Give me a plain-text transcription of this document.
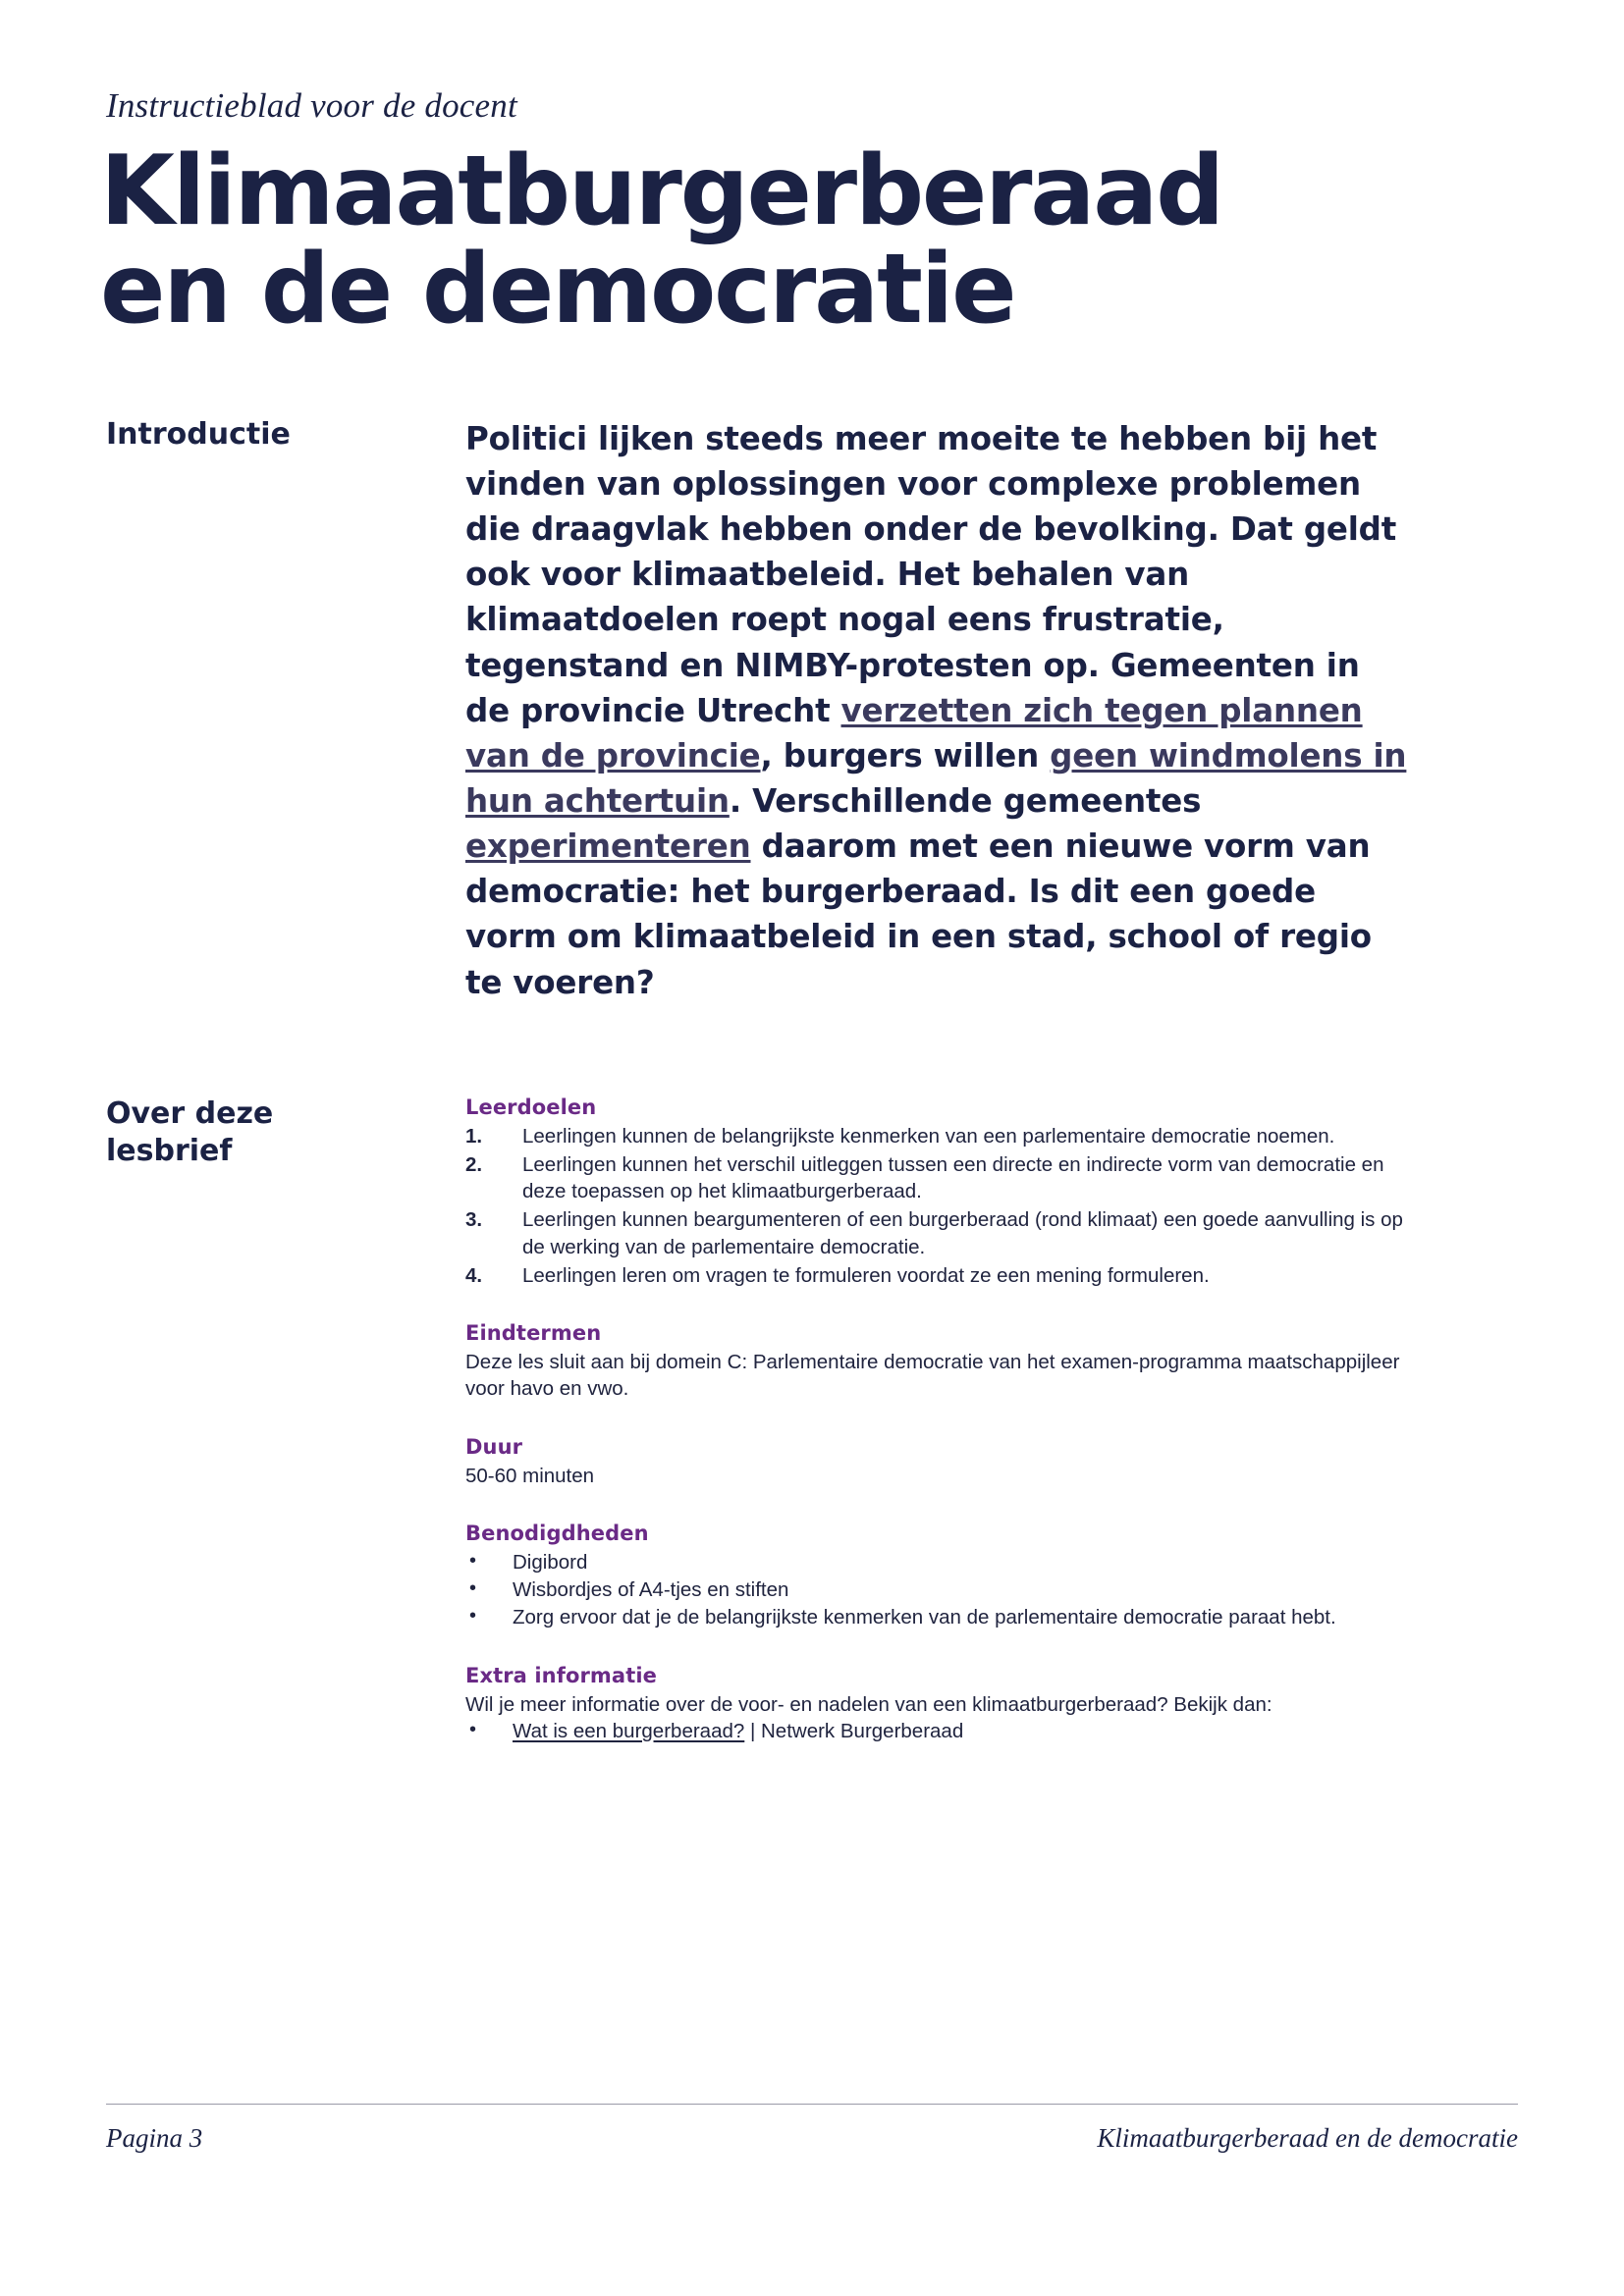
Instructieblad voor de docent

Klimaatburgerberaad
en de democratie
Introductie	Politici lijken steeds meer moeite te hebben bij het vinden van oplossingen voor complexe problemen die draagvlak hebben onder de bevolking. Dat geldt ook voor klimaatbeleid. Het behalen van klimaatdoelen roept nogal eens frustratie, tegenstand en NIMBY-protesten op. Gemeenten in de provincie Utrecht verzetten zich tegen plannen van de provincie, burgers willen geen windmolens in hun achtertuin. Verschillende gemeentes experimenteren daarom met een nieuwe vorm van democratie: het burgerberaad. Is dit een goede vorm om klimaatbeleid in een stad, school of regio te voeren?

Over deze
lesbrief

Leerdoelen

1. Leerlingen kunnen de belangrijkste kenmerken van een parlementaire democratie noemen.
2. Leerlingen kunnen het verschil uitleggen tussen een directe en indirecte vorm van democratie en deze toepassen op het klimaatburgerberaad.
3. Leerlingen kunnen beargumenteren of een burgerberaad (rond klimaat) een goede aanvulling is op de werking van de parlementaire democratie.
4. Leerlingen leren om vragen te formuleren voordat ze een mening formuleren.

Eindtermen

Deze les sluit aan bij domein C: Parlementaire democratie van het examen-programma maatschappijleer voor havo en vwo.

Duur

50-60 minuten

Benodigdheden

• Digibord
• Wisbordjes of A4-tjes en stiften
• Zorg ervoor dat je de belangrijkste kenmerken van de parlementaire democratie paraat hebt.

Extra informatie

Wil je meer informatie over de voor- en nadelen van een klimaatburgerberaad? Bekijk dan:

• Wat is een burgerberaad? | Netwerk Burgerberaad
Pagina 3	Klimaatburgerberaad en de democratie
